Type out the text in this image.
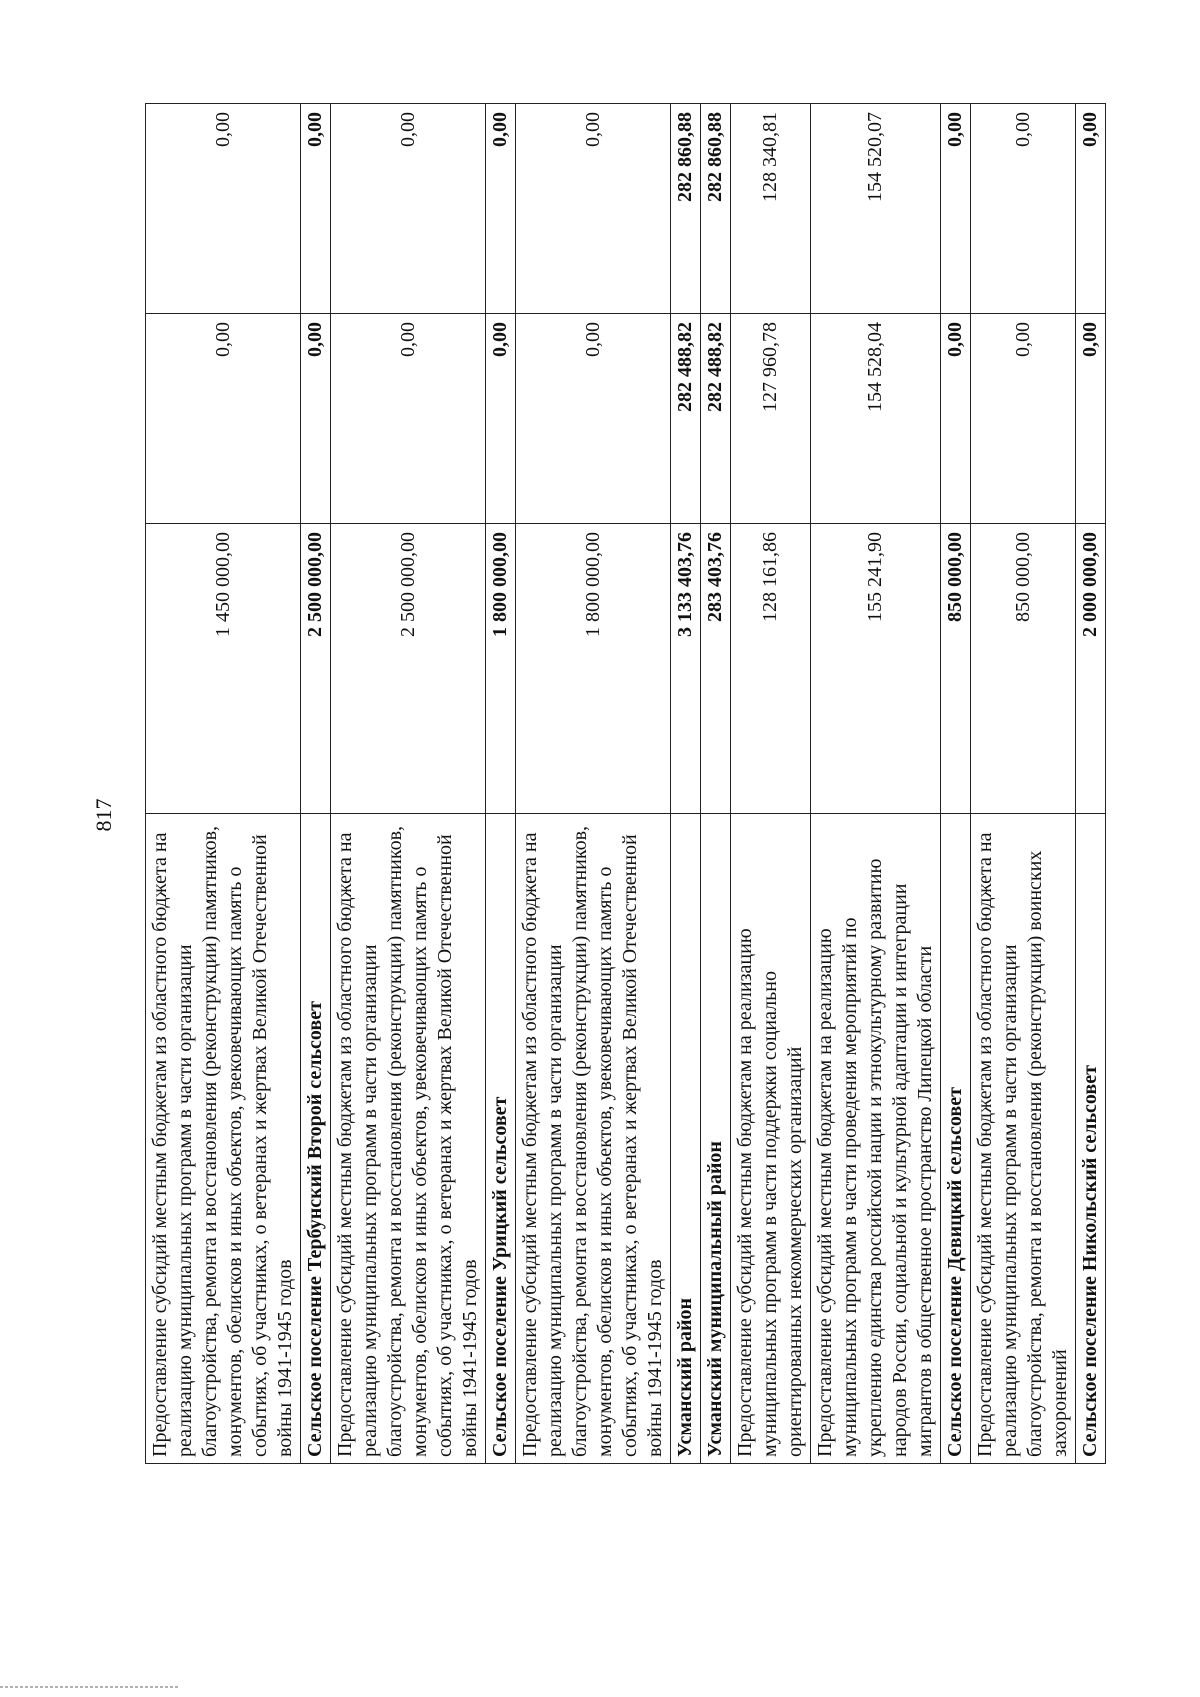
817
Предоставление субсидий местным бюджетам из областного бюджета на реализацию муниципальных программ в части организации благоустройства, ремонта и восстановления (реконструкции) памятников, монументов, обелисков и иных объектов, увековечивающих память о событиях, об участниках, о ветеранах и жертвах Великой Отечественной войны 1941-1945 годов	1 450 000,00	0,00	0,00
Сельское поселение Тербунский Второй сельсовет	2 500 000,00	0,00	0,00
Предоставление субсидий местным бюджетам из областного бюджета на реализацию муниципальных программ в части организации благоустройства, ремонта и восстановления (реконструкции) памятников, монументов, обелисков и иных объектов, увековечивающих память о событиях, об участниках, о ветеранах и жертвах Великой Отечественной войны 1941-1945 годов	2 500 000,00	0,00	0,00
Сельское поселение Урицкий сельсовет	1 800 000,00	0,00	0,00
Предоставление субсидий местным бюджетам из областного бюджета на реализацию муниципальных программ в части организации благоустройства, ремонта и восстановления (реконструкции) памятников, монументов, обелисков и иных объектов, увековечивающих память о событиях, об участниках, о ветеранах и жертвах Великой Отечественной войны 1941-1945 годов	1 800 000,00	0,00	0,00
Усманский район	3 133 403,76	282 488,82	282 860,88
Усманский муниципальный район	283 403,76	282 488,82	282 860,88
Предоставление субсидий местным бюджетам на реализацию муниципальных программ в части поддержки социально ориентированных некоммерческих организаций	128 161,86	127 960,78	128 340,81
Предоставление субсидий местным бюджетам на реализацию муниципальных программ в части проведения мероприятий по укреплению единства российской нации и этнокультурному развитию народов России, социальной и культурной адаптации и интеграции мигрантов в общественное пространство Липецкой области	155 241,90	154 528,04	154 520,07
Сельское поселение Девицкий сельсовет	850 000,00	0,00	0,00
Предоставление субсидий местным бюджетам из областного бюджета на реализацию муниципальных программ в части организации благоустройства, ремонта и восстановления (реконструкции) воинских захоронений	850 000,00	0,00	0,00
Сельское поселение Никольский сельсовет	2 000 000,00	0,00	0,00
